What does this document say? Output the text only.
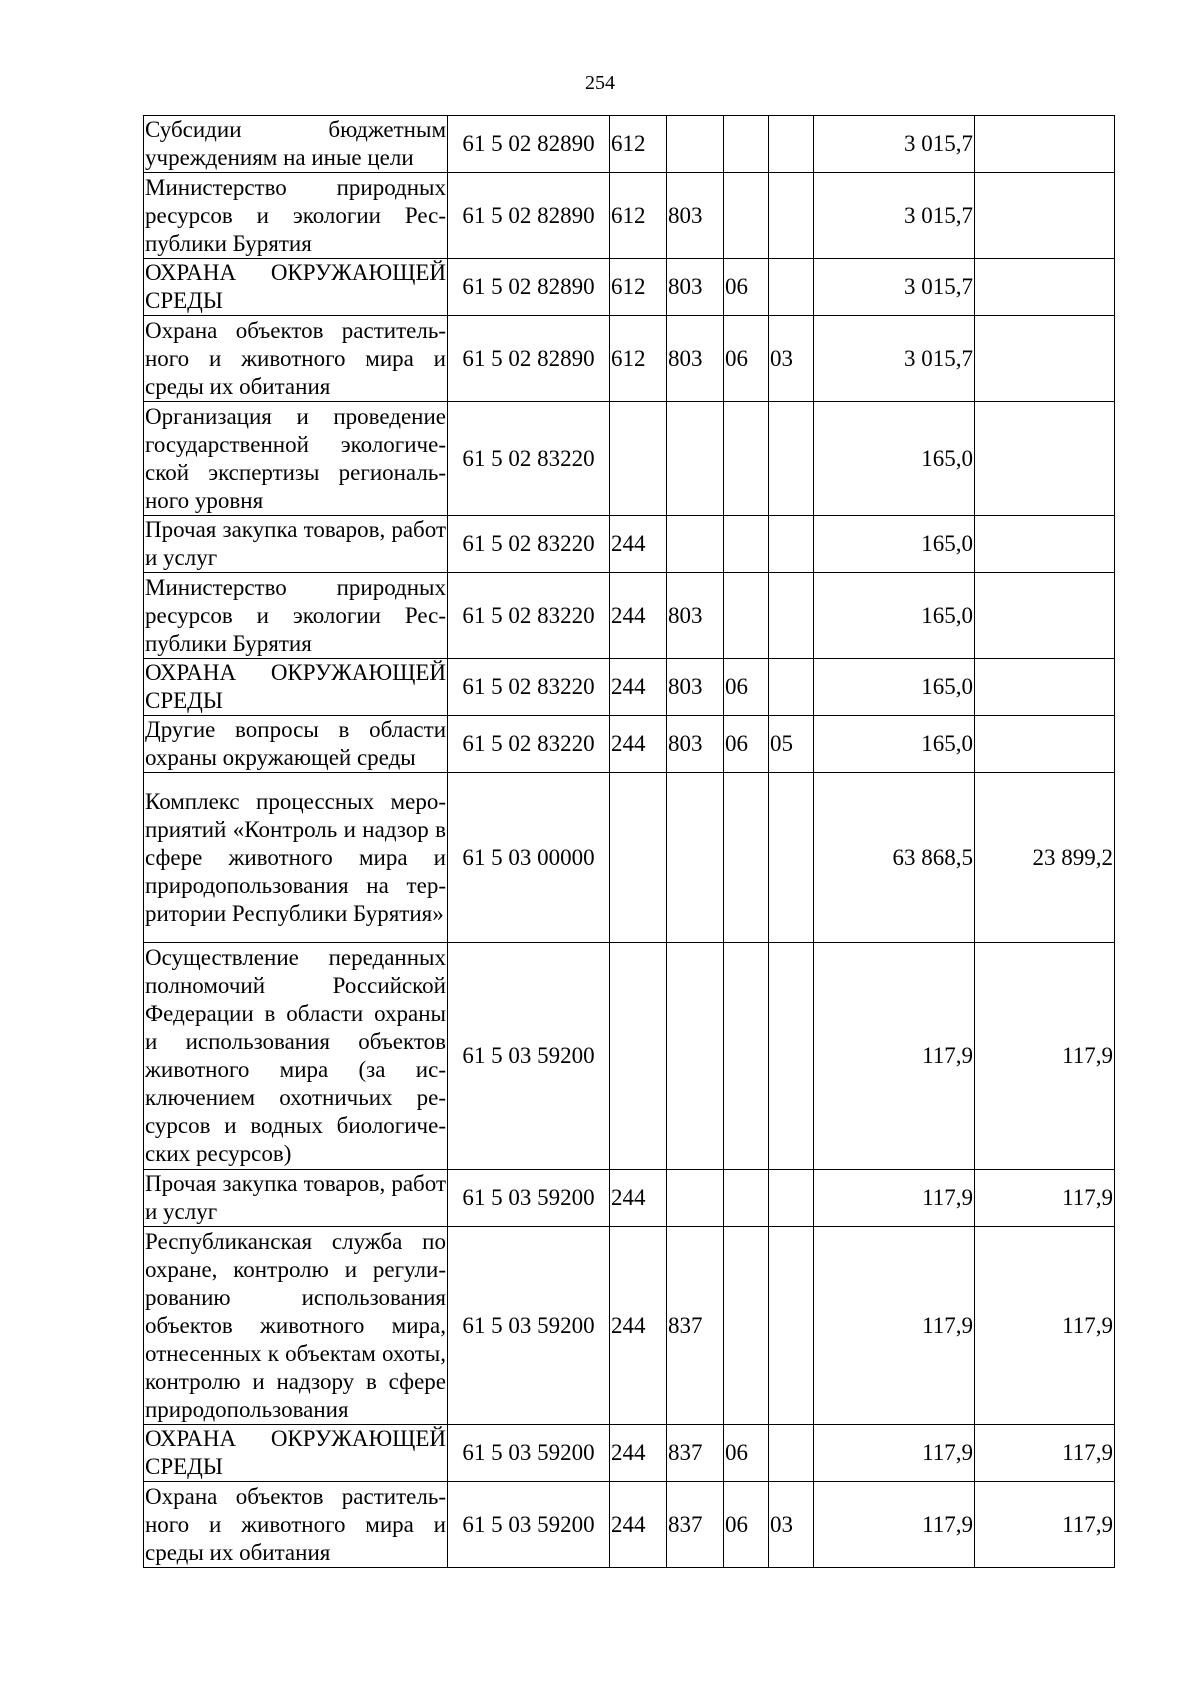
254
Субсидии бюджетным учреждениям на иные цели	61 5 02 82890	612				3 015,7	
Министерство природных ресурсов и экологии Республики Бурятия	61 5 02 82890	612	803			3 015,7	
ОХРАНА ОКРУЖАЮЩЕЙ СРЕДЫ	61 5 02 82890	612	803	06		3 015,7	
Охрана объектов растительного и животного мира и среды их обитания	61 5 02 82890	612	803	06	03	3 015,7	
Организация и проведение государственной экологической экспертизы регионального уровня	61 5 02 83220					165,0	
Прочая закупка товаров, работ и услуг	61 5 02 83220	244				165,0	
Министерство природных ресурсов и экологии Республики Бурятия	61 5 02 83220	244	803			165,0	
ОХРАНА ОКРУЖАЮЩЕЙ СРЕДЫ	61 5 02 83220	244	803	06		165,0	
Другие вопросы в области охраны окружающей среды	61 5 02 83220	244	803	06	05	165,0	
Комплекс процессных мероприятий «Контроль и надзор в сфере животного мира и природопользования на территории Республики Бурятия»	61 5 03 00000					63 868,5	23 899,2
Осуществление переданных полномочий Российской Федерации в области охраны и использования объектов животного мира (за исключением охотничьих ресурсов и водных биологических ресурсов)	61 5 03 59200					117,9	117,9
Прочая закупка товаров, работ и услуг	61 5 03 59200	244				117,9	117,9
Республиканская служба по охране, контролю и регулированию использования объектов животного мира, отнесенных к объектам охоты, контролю и надзору в сфере природопользования	61 5 03 59200	244	837			117,9	117,9
ОХРАНА ОКРУЖАЮЩЕЙ СРЕДЫ	61 5 03 59200	244	837	06		117,9	117,9
Охрана объектов растительного и животного мира и среды их обитания	61 5 03 59200	244	837	06	03	117,9	117,9
